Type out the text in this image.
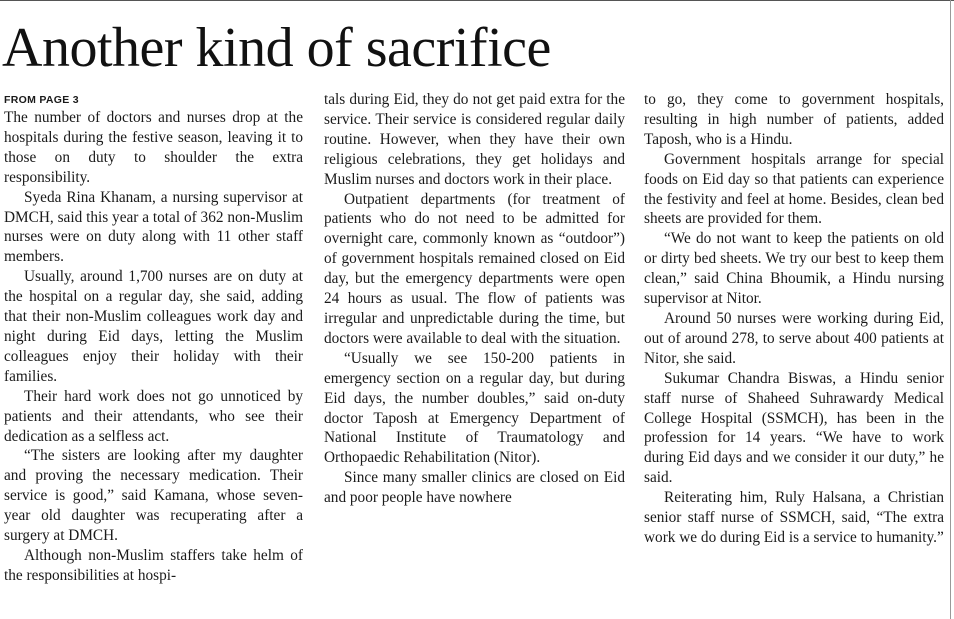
Another kind of sacrifice
FROM PAGE 3

The number of doctors and nurses drop at the hospitals during the festive season, leaving it to those on duty to shoulder the extra responsibility.

Syeda Rina Khanam, a nursing supervisor at DMCH, said this year a total of 362 non-Muslim nurses were on duty along with 11 other staff members.

Usually, around 1,700 nurses are on duty at the hospital on a regular day, she said, adding that their non-Muslim colleagues work day and night during Eid days, letting the Muslim colleagues enjoy their holiday with their families.

Their hard work does not go unnoticed by patients and their attendants, who see their dedication as a selfless act.

“The sisters are looking after my daughter and proving the necessary medication. Their service is good,” said Kamana, whose seven-year old daughter was recuperating after a surgery at DMCH.

Although non-Muslim staffers take helm of the responsibilities at hospi-

tals during Eid, they do not get paid extra for the service. Their service is considered regular daily routine. However, when they have their own religious celebrations, they get holidays and Muslim nurses and doctors work in their place.

Outpatient departments (for treatment of patients who do not need to be admitted for overnight care, commonly known as “outdoor”) of government hospitals remained closed on Eid day, but the emergency departments were open 24 hours as usual. The flow of patients was irregular and unpredictable during the time, but doctors were available to deal with the situation.

“Usually we see 150-200 patients in emergency section on a regular day, but during Eid days, the number doubles,” said on-duty doctor Taposh at Emergency Department of National Institute of Traumatology and Orthopaedic Rehabilitation (Nitor).

Since many smaller clinics are closed on Eid and poor people have nowhere

to go, they come to government hospitals, resulting in high number of patients, added Taposh, who is a Hindu.

Government hospitals arrange for special foods on Eid day so that patients can experience the festivity and feel at home. Besides, clean bed sheets are provided for them.

“We do not want to keep the patients on old or dirty bed sheets. We try our best to keep them clean,” said China Bhoumik, a Hindu nursing supervisor at Nitor.

Around 50 nurses were working during Eid, out of around 278, to serve about 400 patients at Nitor, she said.

Sukumar Chandra Biswas, a Hindu senior staff nurse of Shaheed Suhrawardy Medical College Hospital (SSMCH), has been in the profession for 14 years. “We have to work during Eid days and we consider it our duty,” he said.

Reiterating him, Ruly Halsana, a Christian senior staff nurse of SSMCH, said, “The extra work we do during Eid is a service to humanity.”
